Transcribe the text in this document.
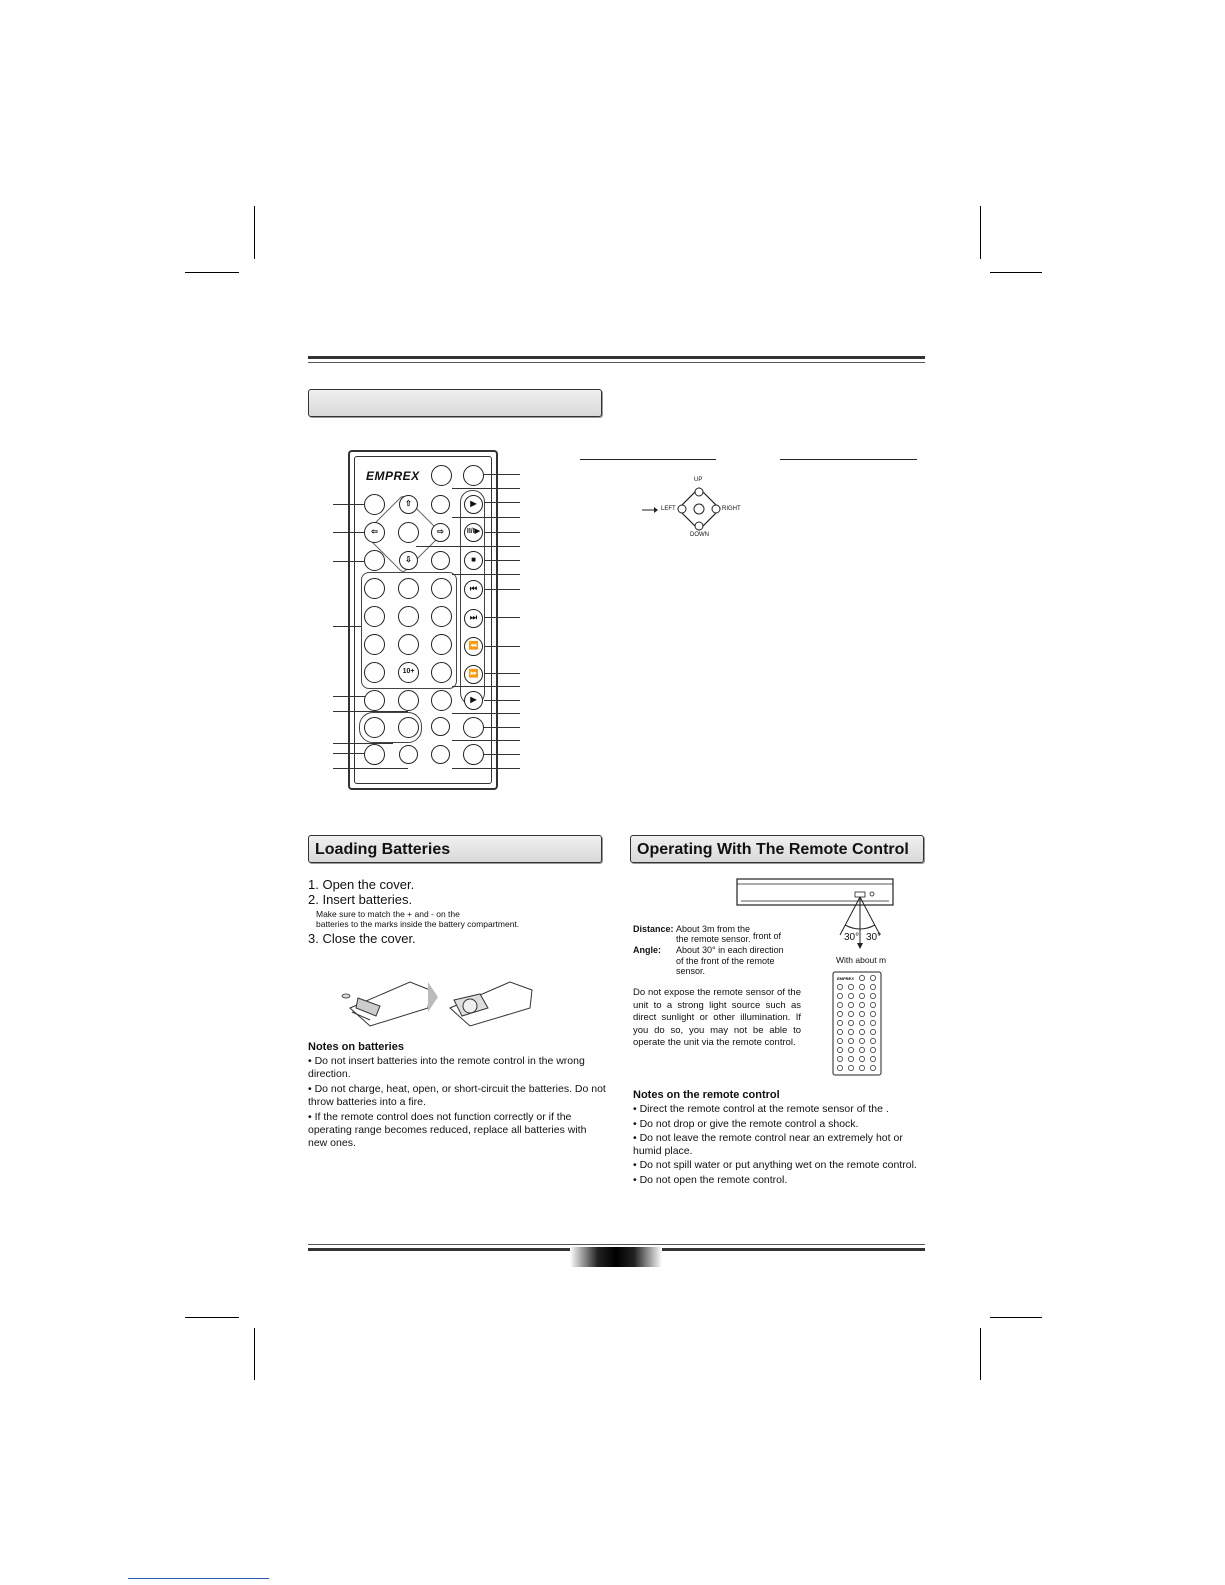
EMPREX
⇧	▶
⇦	⇨	II/I▶
⇩	■
⏮
⏭
⏪
10+	⏩
▶
UP
DOWN
LEFT	RIGHT
Loading Batteries
1. Open the cover.
2. Insert batteries.
Make sure to match the + and - on the
batteries to the marks inside the battery compartment.
3. Close the cover.
Notes on batteries

• Do not insert batteries into the remote control in the wrong direction.

• Do not charge, heat, open, or short-circuit the batteries. Do not throw batteries into a fire.

• If the remote control does not function correctly or if the operating range becomes reduced, replace all batteries with new ones.

Operating With The Remote Control
30° 30°
With about m
Distance: About 3m from the
the remote sensor. front of
Angle: About 30° in each direction
of the front of the remote
sensor.
Do not expose the remote sensor of the unit to a strong light source such as direct sunlight or other illumination. If you do so, you may not be able to operate the unit via the remote control.
EMPREX
Notes on the remote control

• Direct the remote control at the remote sensor of the .

• Do not drop or give the remote control a shock.

• Do not leave the remote control near an extremely hot or humid place.

• Do not spill water or put anything wet on the remote control.

• Do not open the remote control.
